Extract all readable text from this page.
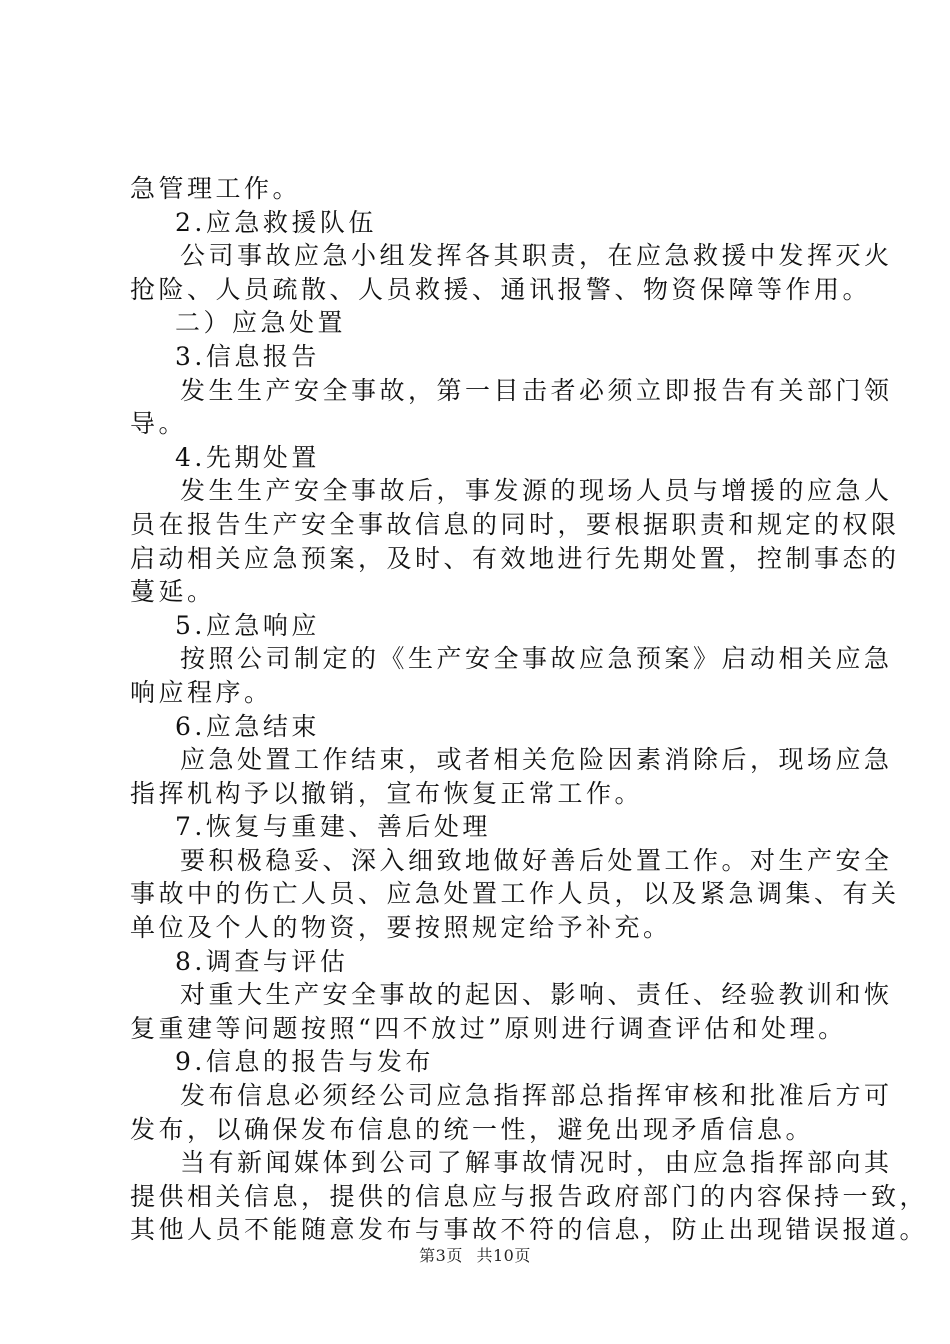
急管理工作。
2.应急救援队伍
公司事故应急小组发挥各其职责，在应急救援中发挥灭火
抢险、人员疏散、人员救援、通讯报警、物资保障等作用。
二）应急处置
3.信息报告
发生生产安全事故，第一目击者必须立即报告有关部门领
导。
4.先期处置
发生生产安全事故后，事发源的现场人员与增援的应急人
员在报告生产安全事故信息的同时，要根据职责和规定的权限
启动相关应急预案，及时、有效地进行先期处置，控制事态的
蔓延。
5.应急响应
按照公司制定的《生产安全事故应急预案》启动相关应急
响应程序。
6.应急结束
应急处置工作结束，或者相关危险因素消除后，现场应急
指挥机构予以撤销，宣布恢复正常工作。
7.恢复与重建、善后处理
要积极稳妥、深入细致地做好善后处置工作。对生产安全
事故中的伤亡人员、应急处置工作人员，以及紧急调集、有关
单位及个人的物资，要按照规定给予补充。
8.调查与评估
对重大生产安全事故的起因、影响、责任、经验教训和恢
复重建等问题按照“四不放过”原则进行调查评估和处理。
9.信息的报告与发布
发布信息必须经公司应急指挥部总指挥审核和批准后方可
发布，以确保发布信息的统一性，避免出现矛盾信息。
当有新闻媒体到公司了解事故情况时，由应急指挥部向其
提供相关信息，提供的信息应与报告政府部门的内容保持一致，
其他人员不能随意发布与事故不符的信息，防止出现错误报道。
第3页 共10页
